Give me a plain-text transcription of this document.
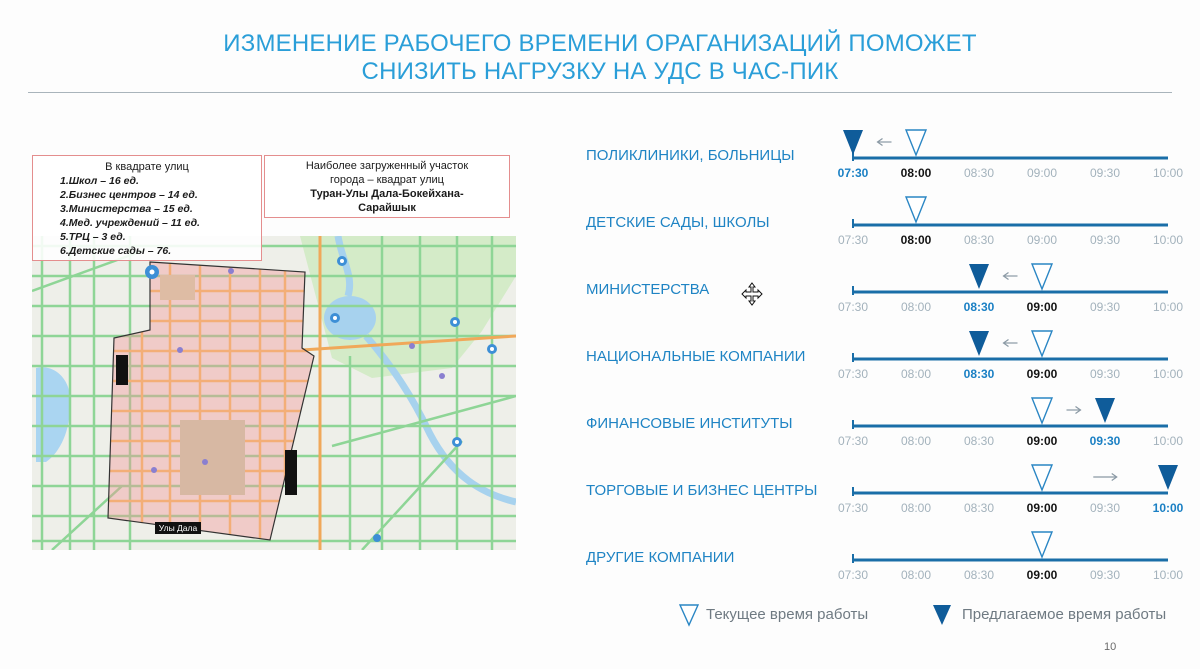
ИЗМЕНЕНИЕ РАБОЧЕГО ВРЕМЕНИ ОРАГАНИЗАЦИЙ ПОМОЖЕТ
СНИЗИТЬ НАГРУЗКУ НА УДС В ЧАС-ПИК
Улы Дала
В квадрате улиц
1.Школ – 16 ед.
2.Бизнес центров – 14 ед.
3.Министерства – 15 ед.
4.Мед. учреждений – 11 ед.
5.ТРЦ – 3 ед.
6.Детские сады – 76.
Наиболее загруженный участок
города – квадрат улиц
Туран-Улы Дала-Бокейхана-
Сарайшык
ПОЛИКЛИНИКИ, БОЛЬНИЦЫ
07:30	08:00	08:30	09:00	09:30	10:00
ДЕТСКИЕ САДЫ, ШКОЛЫ
07:30	08:00	08:30	09:00	09:30	10:00
МИНИСТЕРСТВА
07:30	08:00	08:30	09:00	09:30	10:00
НАЦИОНАЛЬНЫЕ КОМПАНИИ
07:30	08:00	08:30	09:00	09:30	10:00
ФИНАНСОВЫЕ ИНСТИТУТЫ
07:30	08:00	08:30	09:00	09:30	10:00
ТОРГОВЫЕ И БИЗНЕС ЦЕНТРЫ
07:30	08:00	08:30	09:00	09:30	10:00
ДРУГИЕ КОМПАНИИ
07:30	08:00	08:30	09:00	09:30	10:00
Текущее время работы	Предлагаемое время работы
10
